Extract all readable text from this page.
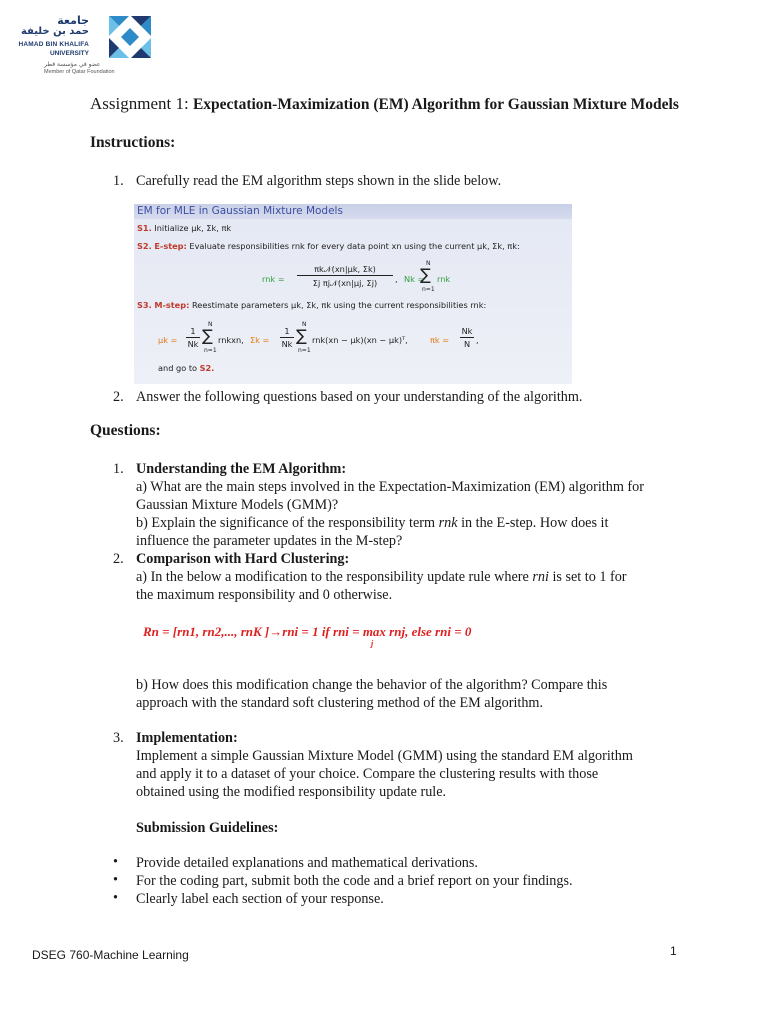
جامعة
حمد بن خليفة
HAMAD BIN KHALIFA
UNIVERSITY
عضو في مؤسسة قطر
Member of Qatar Foundation
Assignment 1: Expectation-Maximization (EM) Algorithm for Gaussian Mixture Models
Instructions:
1. Carefully read the EM algorithm steps shown in the slide below.
EM for MLE in Gaussian Mixture Models
S1. Initialize μk, Σk, πk
S2. E-step: Evaluate responsibilities rnk for every data point xn using the current μk, Σk, πk:
rnk =
πk𝒩(xn|μk, Σk)
Σj πj𝒩(xn|μj, Σj)	, Nk =
N
∑
n=1
rnk
S3. M-step: Reestimate parameters μk, Σk, πk using the current responsibilities rnk:
μk =
1
Nk
N
∑
n=1
rnkxn, Σk =
1
Nk
N
∑
n=1
rnk(xn − μk)(xn − μk)ᵀ,	πk =
Nk
N ,
and go to S2.
2. Answer the following questions based on your understanding of the algorithm.
Questions:
1. Understanding the EM Algorithm:
a) What are the main steps involved in the Expectation-Maximization (EM) algorithm for
Gaussian Mixture Models (GMM)?
b) Explain the significance of the responsibility term rnk in the E-step. How does it
influence the parameter updates in the M-step?
2. Comparison with Hard Clustering:
a) In the below a modification to the responsibility update rule where rni is set to 1 for
the maximum responsibility and 0 otherwise.
Rn = [rn1, rn2,..., rnK ]→rni = 1 if rni = max rnj, else rni = 0
j
b) How does this modification change the behavior of the algorithm? Compare this
approach with the standard soft clustering method of the EM algorithm.
3. Implementation:
Implement a simple Gaussian Mixture Model (GMM) using the standard EM algorithm
and apply it to a dataset of your choice. Compare the clustering results with those
obtained using the modified responsibility update rule.
Submission Guidelines:
• Provide detailed explanations and mathematical derivations.
• For the coding part, submit both the code and a brief report on your findings.
• Clearly label each section of your response.
DSEG 760-Machine Learning	1
